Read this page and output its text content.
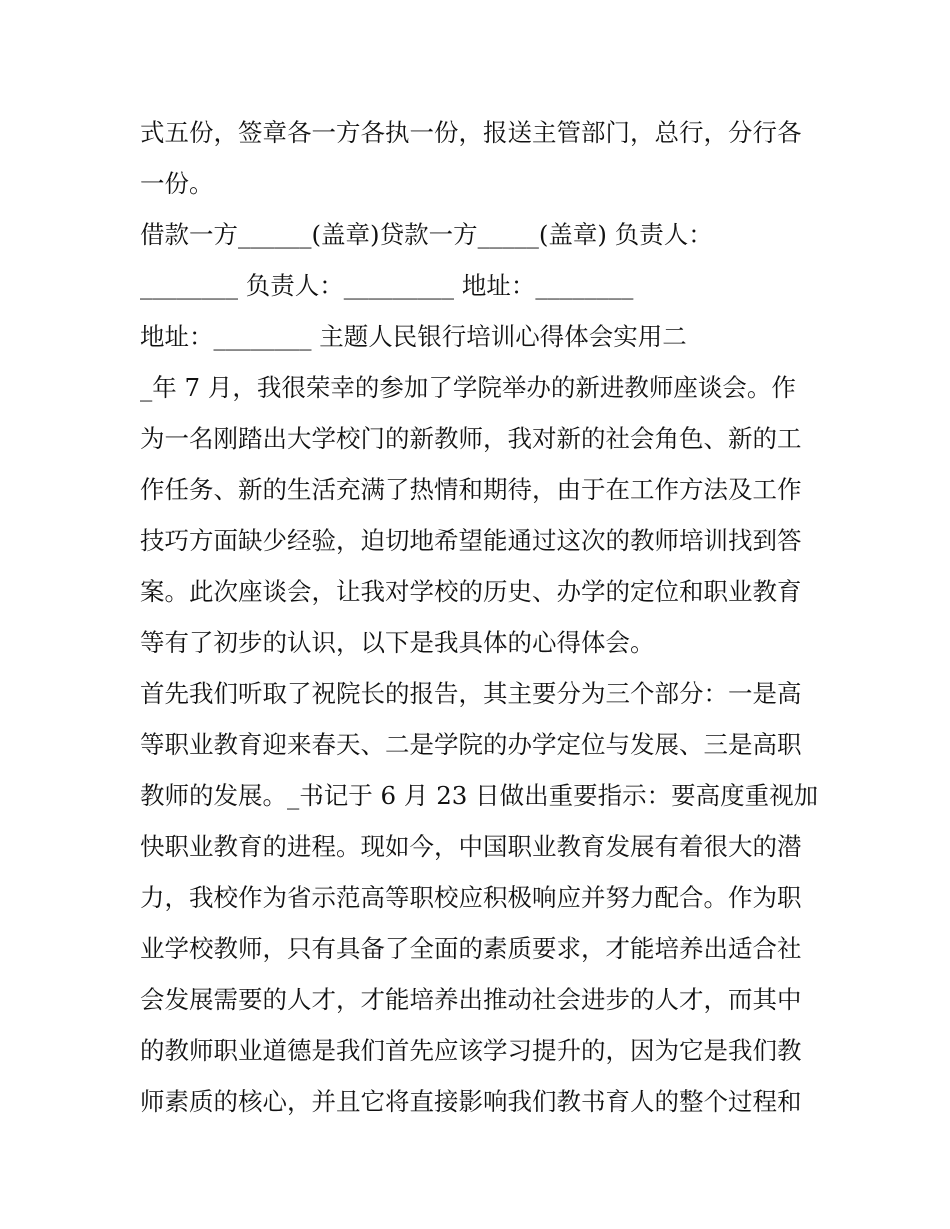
式五份，签章各一方各执一份，报送主管部门，总行，分行各
一份。
借款一方______(盖章)贷款一方_____(盖章) 负责人：
________ 负责人：_________ 地址：________
地址：________ 主题人民银行培训心得体会实用二
_年 7 月，我很荣幸的参加了学院举办的新进教师座谈会。作
为一名刚踏出大学校门的新教师，我对新的社会角色、新的工
作任务、新的生活充满了热情和期待，由于在工作方法及工作
技巧方面缺少经验，迫切地希望能通过这次的教师培训找到答
案。此次座谈会，让我对学校的历史、办学的定位和职业教育
等有了初步的认识，以下是我具体的心得体会。
首先我们听取了祝院长的报告，其主要分为三个部分：一是高
等职业教育迎来春天、二是学院的办学定位与发展、三是高职
教师的发展。_书记于 6 月 23 日做出重要指示：要高度重视加
快职业教育的进程。现如今，中国职业教育发展有着很大的潜
力，我校作为省示范高等职校应积极响应并努力配合。作为职
业学校教师，只有具备了全面的素质要求，才能培养出适合社
会发展需要的人才，才能培养出推动社会进步的人才，而其中
的教师职业道德是我们首先应该学习提升的，因为它是我们教
师素质的核心，并且它将直接影响我们教书育人的整个过程和
